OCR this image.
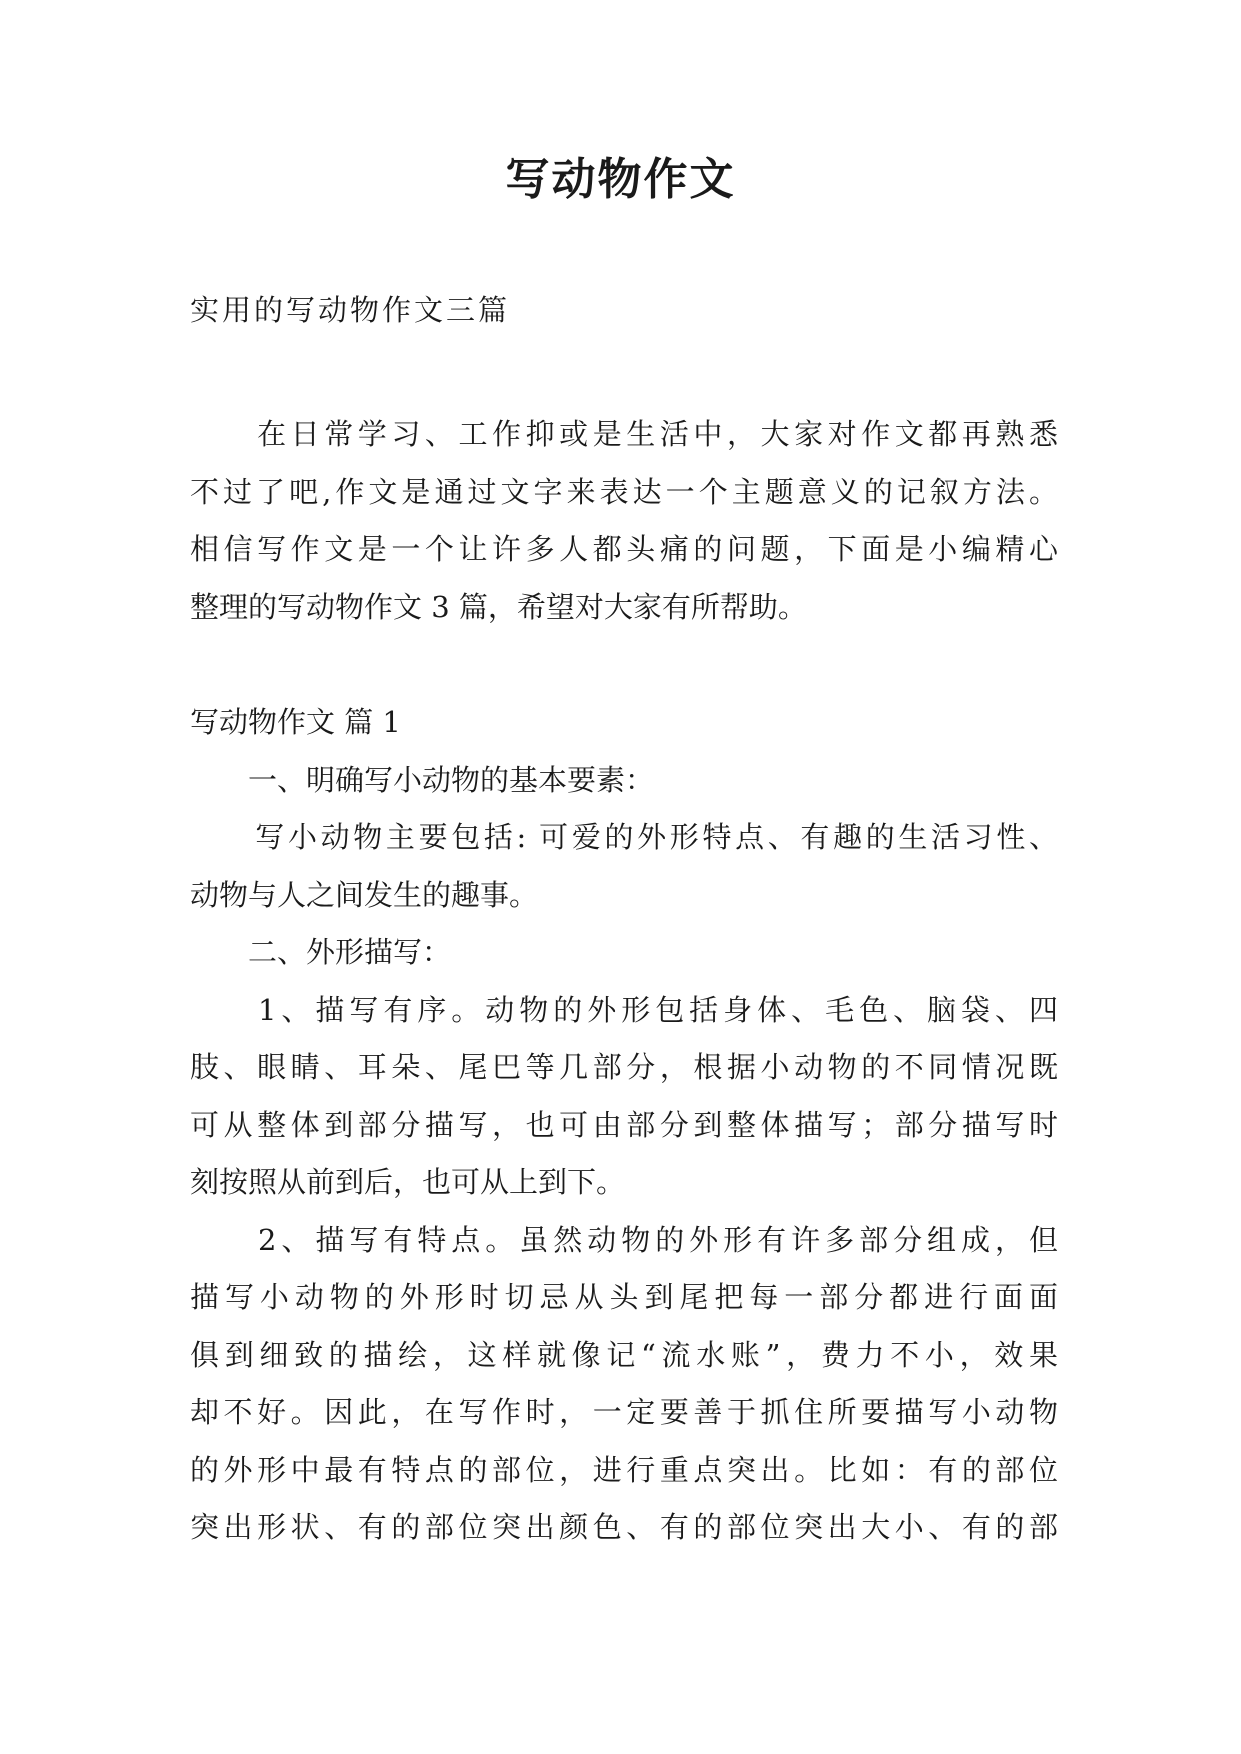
写动物作文
实用的写动物作文三篇
　　在日常学习、工作抑或是生活中，大家对作文都再熟悉
不过了吧,作文是通过文字来表达一个主题意义的记叙方法。
相信写作文是一个让许多人都头痛的问题，下面是小编精心
整理的写动物作文 3 篇，希望对大家有所帮助。
写动物作文 篇 1
　　一、明确写小动物的基本要素：
　　写小动物主要包括: 可爱的外形特点、有趣的生活习性、
动物与人之间发生的趣事。
　　二、外形描写：
　　1、描写有序。动物的外形包括身体、毛色、脑袋、四
肢、眼睛、耳朵、尾巴等几部分，根据小动物的不同情况既
可从整体到部分描写，也可由部分到整体描写；部分描写时
刻按照从前到后，也可从上到下。
　　2、描写有特点。虽然动物的外形有许多部分组成，但
描写小动物的外形时切忌从头到尾把每一部分都进行面面
俱到细致的描绘，这样就像记“流水账”，费力不小，效果
却不好。因此，在写作时，一定要善于抓住所要描写小动物
的外形中最有特点的部位，进行重点突出。比如：有的部位
突出形状、有的部位突出颜色、有的部位突出大小、有的部
